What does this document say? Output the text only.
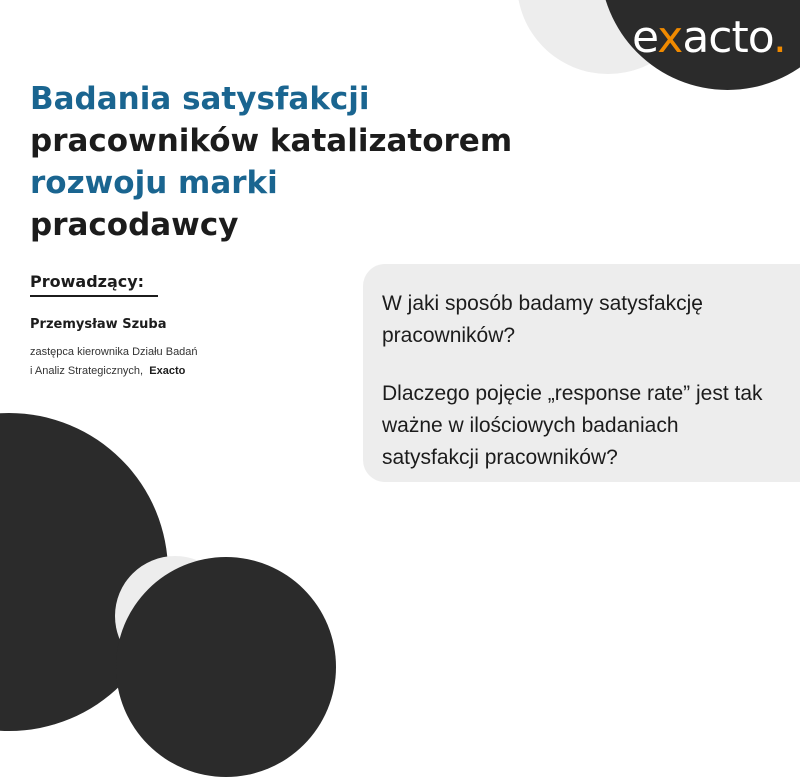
exacto.
Badania satysfakcji
pracowników katalizatorem
rozwoju marki
pracodawcy
Prowadzący:
Przemysław Szuba
zastępca kierownika Działu Badań
i Analiz Strategicznych, Exacto

W jaki sposób badamy satysfakcję pracowników?

Dlaczego pojęcie „response rate” jest tak ważne w ilościowych badaniach satysfakcji pracowników?
